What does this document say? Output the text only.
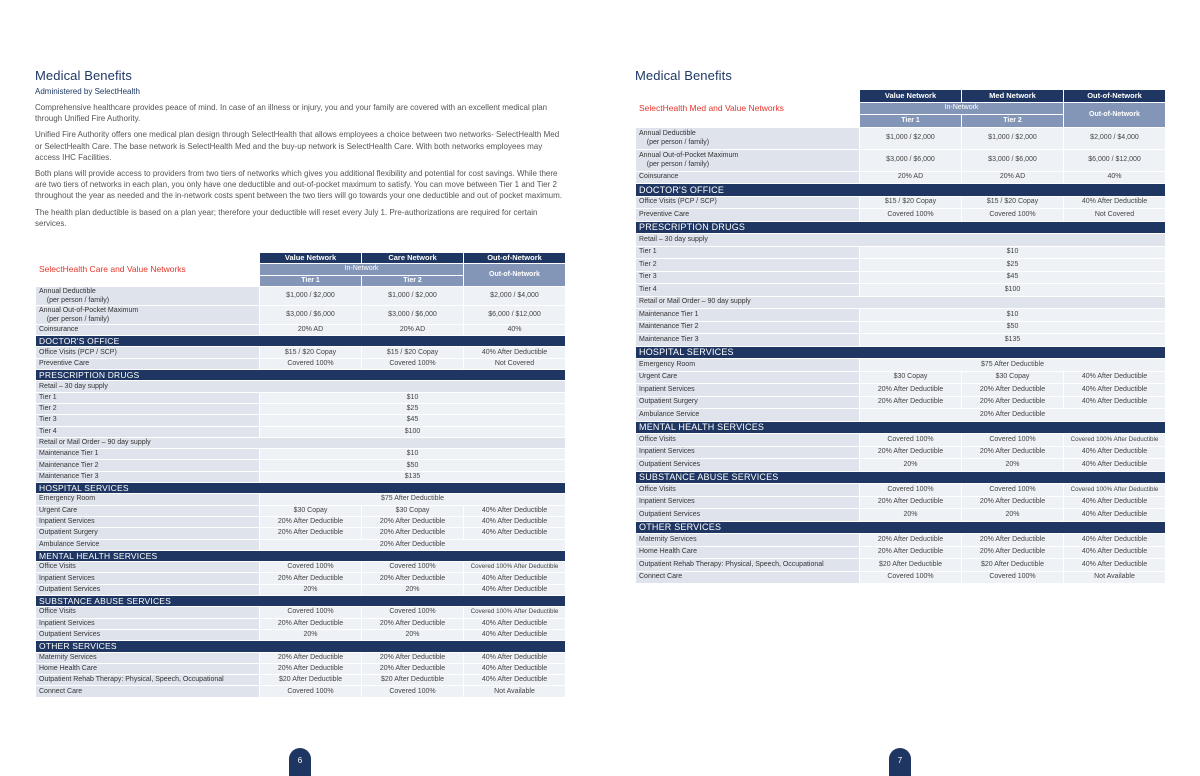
Medical Benefits
Administered by SelectHealth

Comprehensive healthcare provides peace of mind. In case of an illness or injury, you and your family are covered with an excellent medical plan through Unified Fire Authority.

Unified Fire Authority offers one medical plan design through SelectHealth that allows employees a choice between two networks- SelectHealth Med or SelectHealth Care. The base network is SelectHealth Med and the buy-up network is SelectHealth Care. With both networks employees may access IHC Facilities.

Both plans will provide access to providers from two tiers of networks which gives you additional flexibility and potential for cost savings. While there are two tiers of networks in each plan, you only have one deductible and out-of-pocket maximum to satisfy. You can move between Tier 1 and Tier 2 throughout the year as needed and the in-network costs spent between the two tiers will go towards your one deductible and out of pocket maximum.

The health plan deductible is based on a plan year; therefore your deductible will reset every July 1. Pre-authorizations are required for certain services.

SelectHealth Care and Value Networks	Value Network	Care Network	Out-of-Network
	In-Network		Out-of-Network
	Tier 1	Tier 2	
Annual Deductible
(per person / family)	$1,000 / $2,000	$1,000 / $2,000	$2,000 / $4,000
Annual Out-of-Pocket Maximum
(per person / family)	$3,000 / $6,000	$3,000 / $6,000	$6,000 / $12,000
Coinsurance	20% AD	20% AD	40%
DOCTOR'S OFFICE			
Office Visits (PCP / SCP)	$15 / $20 Copay	$15 / $20 Copay	40% After Deductible
Preventive Care	Covered 100%	Covered 100%	Not Covered
PRESCRIPTION DRUGS			
Retail – 30 day supply			
Tier 1	$10		
Tier 2	$25		
Tier 3	$45		
Tier 4	$100		
Retail or Mail Order – 90 day supply			
Maintenance Tier 1	$10		
Maintenance Tier 2	$50		
Maintenance Tier 3	$135		
HOSPITAL SERVICES			
Emergency Room	$75 After Deductible		
Urgent Care	$30 Copay	$30 Copay	40% After Deductible
Inpatient Services	20% After Deductible	20% After Deductible	40% After Deductible
Outpatient Surgery	20% After Deductible	20% After Deductible	40% After Deductible
Ambulance Service	20% After Deductible		
MENTAL HEALTH SERVICES			
Office Visits	Covered 100%	Covered 100%	Covered 100% After Deductible
Inpatient Services	20% After Deductible	20% After Deductible	40% After Deductible
Outpatient Services	20%	20%	40% After Deductible
SUBSTANCE ABUSE SERVICES			
Office Visits	Covered 100%	Covered 100%	Covered 100% After Deductible
Inpatient Services	20% After Deductible	20% After Deductible	40% After Deductible
Outpatient Services	20%	20%	40% After Deductible
OTHER SERVICES			
Maternity Services	20% After Deductible	20% After Deductible	40% After Deductible
Home Health Care	20% After Deductible	20% After Deductible	40% After Deductible
Outpatient Rehab Therapy: Physical, Speech, Occupational	$20 After Deductible	$20 After Deductible	40% After Deductible
Connect Care	Covered 100%	Covered 100%	Not Available
6
Medical Benefits
SelectHealth Med and Value Networks	Value Network	Med Network	Out-of-Network
	In-Network		Out-of-Network
	Tier 1	Tier 2	
Annual Deductible
(per person / family)	$1,000 / $2,000	$1,000 / $2,000	$2,000 / $4,000
Annual Out-of-Pocket Maximum
(per person / family)	$3,000 / $6,000	$3,000 / $6,000	$6,000 / $12,000
Coinsurance	20% AD	20% AD	40%
DOCTOR'S OFFICE			
Office Visits (PCP / SCP)	$15 / $20 Copay	$15 / $20 Copay	40% After Deductible
Preventive Care	Covered 100%	Covered 100%	Not Covered
PRESCRIPTION DRUGS			
Retail – 30 day supply			
Tier 1	$10		
Tier 2	$25		
Tier 3	$45		
Tier 4	$100		
Retail or Mail Order – 90 day supply			
Maintenance Tier 1	$10		
Maintenance Tier 2	$50		
Maintenance Tier 3	$135		
HOSPITAL SERVICES			
Emergency Room	$75 After Deductible		
Urgent Care	$30 Copay	$30 Copay	40% After Deductible
Inpatient Services	20% After Deductible	20% After Deductible	40% After Deductible
Outpatient Surgery	20% After Deductible	20% After Deductible	40% After Deductible
Ambulance Service	20% After Deductible		
MENTAL HEALTH SERVICES			
Office Visits	Covered 100%	Covered 100%	Covered 100% After Deductible
Inpatient Services	20% After Deductible	20% After Deductible	40% After Deductible
Outpatient Services	20%	20%	40% After Deductible
SUBSTANCE ABUSE SERVICES			
Office Visits	Covered 100%	Covered 100%	Covered 100% After Deductible
Inpatient Services	20% After Deductible	20% After Deductible	40% After Deductible
Outpatient Services	20%	20%	40% After Deductible
OTHER SERVICES			
Maternity Services	20% After Deductible	20% After Deductible	40% After Deductible
Home Health Care	20% After Deductible	20% After Deductible	40% After Deductible
Outpatient Rehab Therapy: Physical, Speech, Occupational	$20 After Deductible	$20 After Deductible	40% After Deductible
Connect Care	Covered 100%	Covered 100%	Not Available
7
